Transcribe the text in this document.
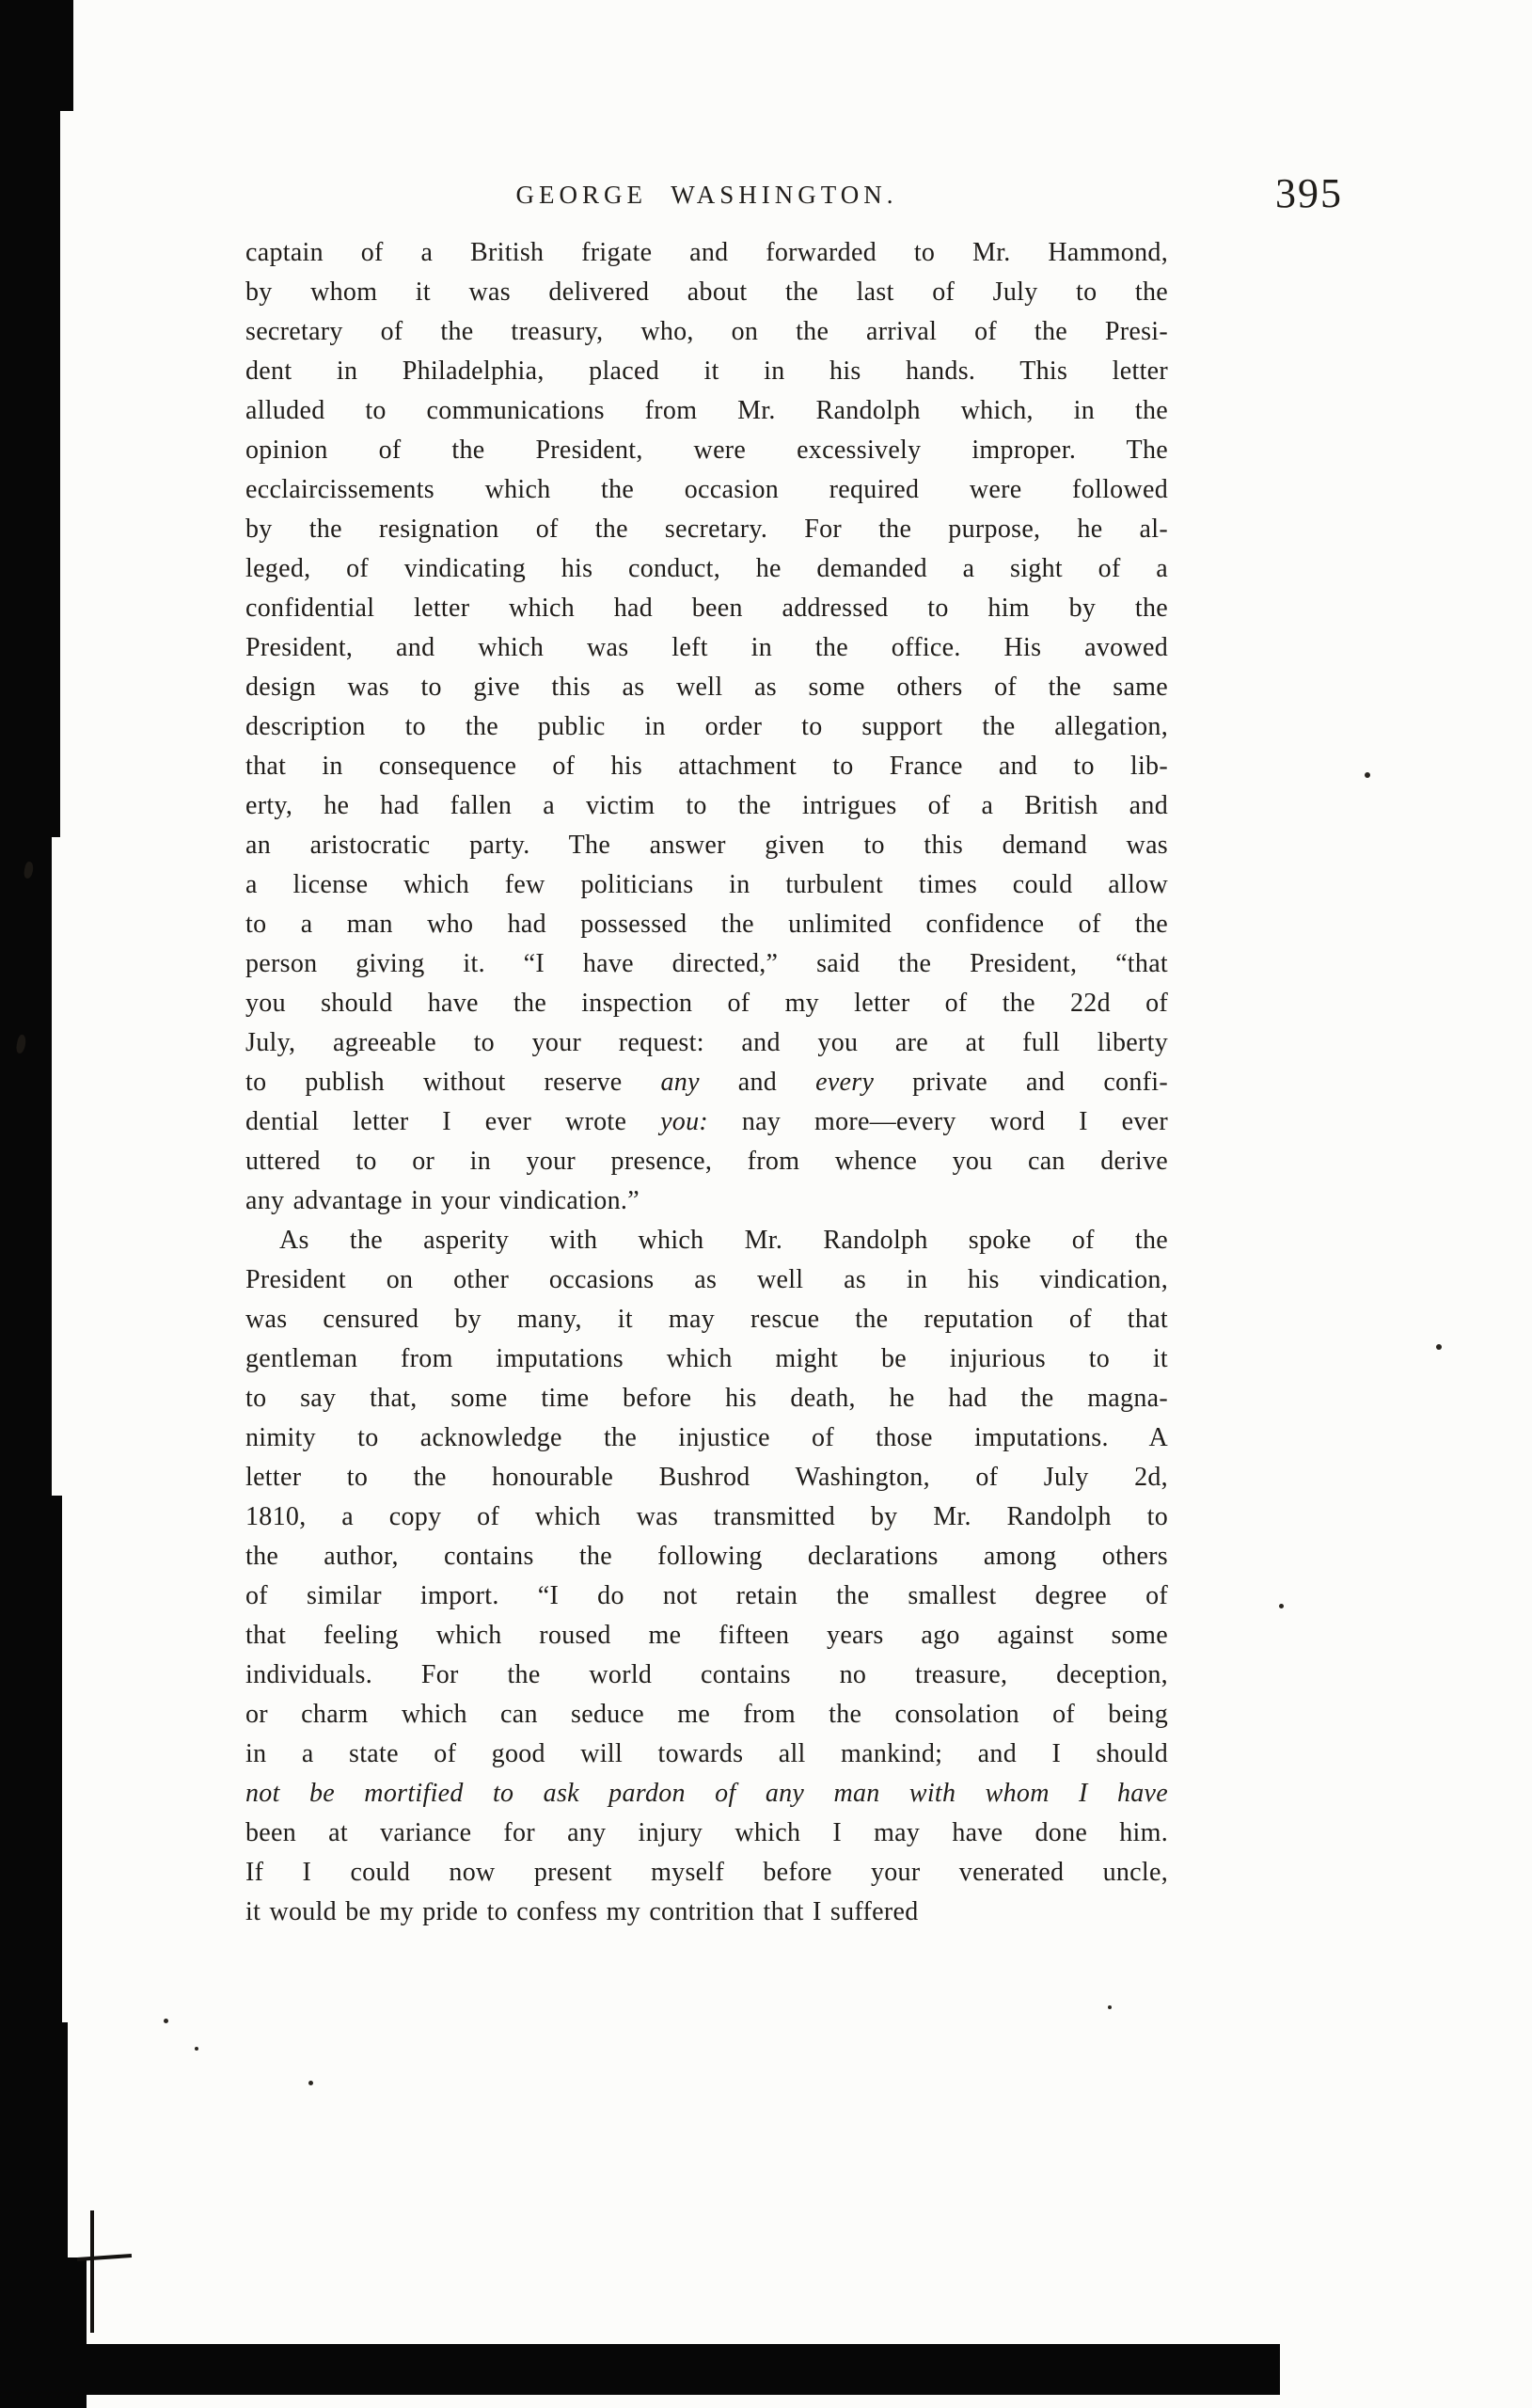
GEORGE WASHINGTON.	395
captain of a British frigate and forwarded to Mr. Hammond,
by whom it was delivered about the last of July to the
secretary of the treasury, who, on the arrival of the Presi-
dent in Philadelphia, placed it in his hands. This letter
alluded to communications from Mr. Randolph which, in the
opinion of the President, were excessively improper. The
ecclaircissements which the occasion required were followed
by the resignation of the secretary. For the purpose, he al-
leged, of vindicating his conduct, he demanded a sight of a
confidential letter which had been addressed to him by the
President, and which was left in the office. His avowed
design was to give this as well as some others of the same
description to the public in order to support the allegation,
that in consequence of his attachment to France and to lib-
erty, he had fallen a victim to the intrigues of a British and
an aristocratic party. The answer given to this demand was
a license which few politicians in turbulent times could allow
to a man who had possessed the unlimited confidence of the
person giving it. “I have directed,” said the President, “that
you should have the inspection of my letter of the 22d of
July, agreeable to your request: and you are at full liberty
to publish without reserve any and every private and confi-
dential letter I ever wrote you: nay more—every word I ever
uttered to or in your presence, from whence you can derive
any advantage in your vindication.”
As the asperity with which Mr. Randolph spoke of the
President on other occasions as well as in his vindication,
was censured by many, it may rescue the reputation of that
gentleman from imputations which might be injurious to it
to say that, some time before his death, he had the magna-
nimity to acknowledge the injustice of those imputations. A
letter to the honourable Bushrod Washington, of July 2d,
1810, a copy of which was transmitted by Mr. Randolph to
the author, contains the following declarations among others
of similar import. “I do not retain the smallest degree of
that feeling which roused me fifteen years ago against some
individuals. For the world contains no treasure, deception,
or charm which can seduce me from the consolation of being
in a state of good will towards all mankind; and I should
not be mortified to ask pardon of any man with whom I have
been at variance for any injury which I may have done him.
If I could now present myself before your venerated uncle,
it would be my pride to confess my contrition that I suffered
